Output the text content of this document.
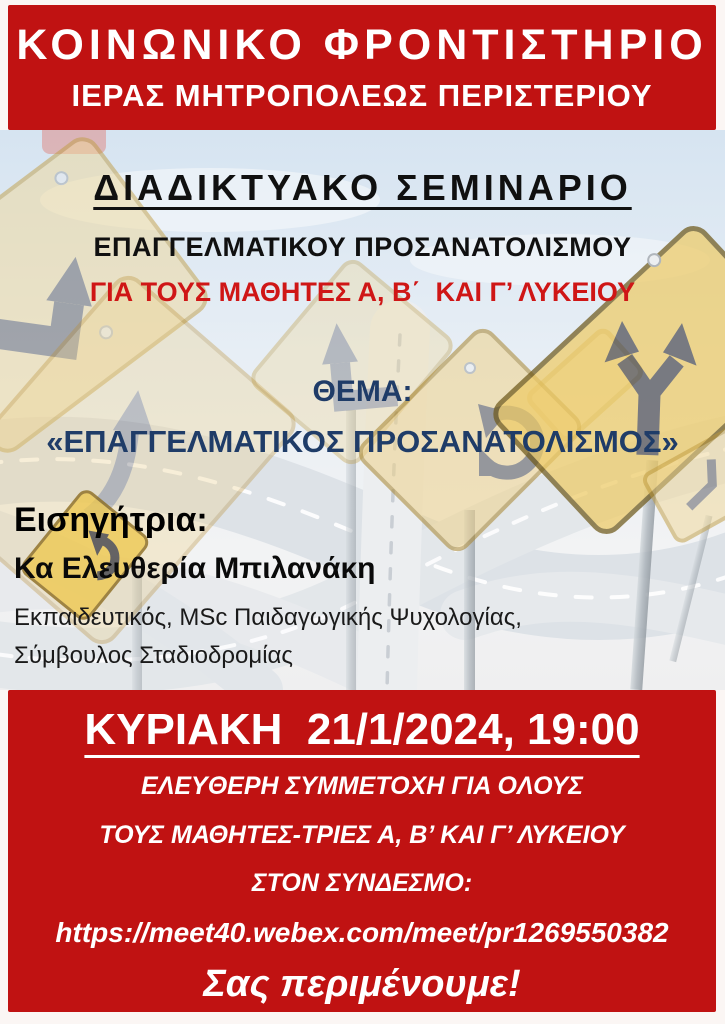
ΚΟΙΝΩΝΙΚΟ ΦΡΟΝΤΙΣΤΗΡΙΟ
ΙΕΡΑΣ ΜΗΤΡΟΠΟΛΕΩΣ ΠΕΡΙΣΤΕΡΙΟΥ
ΔΙΑΔΙΚΤΥΑΚΟ ΣΕΜΙΝΑΡΙΟ
ΕΠΑΓΓΕΛΜΑΤΙΚΟΥ ΠΡΟΣΑΝΑΤΟΛΙΣΜΟΥ
ΓΙΑ ΤΟΥΣ ΜΑΘΗΤΕΣ Α, Β΄  ΚΑΙ Γ’ ΛΥΚΕΙΟΥ
ΘΕΜΑ:
«ΕΠΑΓΓΕΛΜΑΤΙΚΟΣ ΠΡΟΣΑΝΑΤΟΛΙΣΜΟΣ»
Εισηγήτρια:
Κα Ελευθερία Μπιλανάκη
Εκπαιδευτικός, MSc Παιδαγωγικής Ψυχολογίας,
Σύμβουλος Σταδιοδρομίας
ΚΥΡΙΑΚΗ  21/1/2024, 19:00
ΕΛΕΥΘΕΡΗ ΣΥΜΜΕΤΟΧΗ ΓΙΑ ΟΛΟΥΣ
ΤΟΥΣ ΜΑΘΗΤΕΣ-ΤΡΙΕΣ Α, Β’ ΚΑΙ Γ’ ΛΥΚΕΙΟΥ
ΣΤΟΝ ΣΥΝΔΕΣΜΟ:
https://meet40.webex.com/meet/pr1269550382
Σας περιμένουμε!
